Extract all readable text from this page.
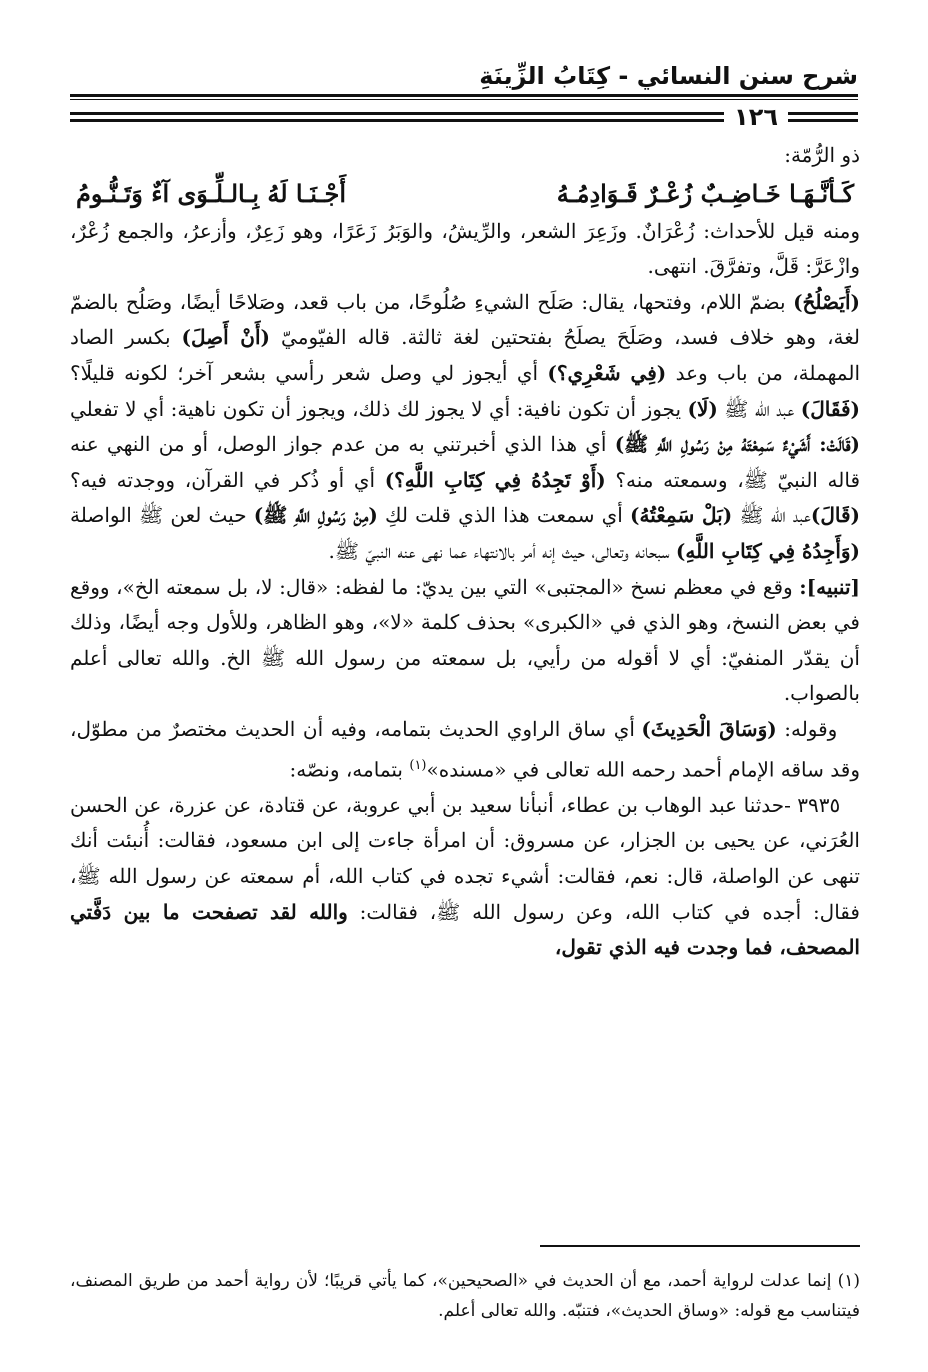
شرح سنن النسائي - كِتَابُ الزِّينَةِ
١٢٦

ذو الرُّمّة:

كَـأنَّـهَـا خَـاضِـبٌ زُعْـرٌ قَـوَادِمُـهُ
أَجْـنَـا لَهُ بِـالـلِّـوَى آءٌ وَتَـنُّـومُ

ومنه قيل للأحداث: زُعْرَانٌ. وزَعِرَ الشعر، والرِّيشُ، والوَبَرُ زَعَرًا، وهو زَعِرٌ، وأزعرُ، والجمع زُعْرٌ، وازْعَرَّ: قَلَّ، وتفرَّقَ. انتهى.

(أَيَصْلُحُ) بضمّ اللام، وفتحها، يقال: صَلَح الشيءِ صُلُوحًا، من باب قعد، وصَلاحًا أيضًا، وصَلُح بالضمّ لغة، وهو خلاف فسد، وصَلَحَ يصلَحُ بفتحتين لغة ثالثة. قاله الفيّوميّ (أَنْ أَصِلَ) بكسر الصاد المهملة، من باب وعد (فِي شَعْرِي؟) أي أيجوز لي وصل شعر رأسي بشعر آخر؛ لكونه قليلًا؟ (فَقَالَ) عبد الله ﷺ (لَا) يجوز أن تكون نافية: أي لا يجوز لك ذلك، ويجوز أن تكون ناهية: أي لا تفعلي (قَالَتْ: أَشَيْءٌ سَمِعْتَهُ مِنْ رَسُولِ اللَّهِ ﷺ) أي هذا الذي أخبرتني به من عدم جواز الوصل، أو من النهي عنه قاله النبيّ ﷺ، وسمعته منه؟ (أَوْ تَجِدُهُ فِي كِتَابِ اللَّهِ؟) أي أو ذُكر في القرآن، ووجدته فيه؟ (قَالَ)عبد الله ﷺ (بَلْ سَمِعْتُهُ) أي سمعت هذا الذي قلت لكِ (مِنْ رَسُولِ اللَّهِ ﷺ) حيث لعن ﷺ الواصلة (وَأَجِدُهُ فِي كِتَابِ اللَّهِ) سبحانه وتعالى، حيث إنه أمر بالانتهاء عما نهى عنه النبيّ ﷺ.

[تنبيه]: وقع في معظم نسخ «المجتبى» التي بين يديّ: ما لفظه: «قال: لا، بل سمعته الخ»، ووقع في بعض النسخ، وهو الذي في «الكبرى» بحذف كلمة «لا»، وهو الظاهر، وللأول وجه أيضًا، وذلك أن يقدّر المنفيّ: أي لا أقوله من رأيي، بل سمعته من رسول الله ﷺ الخ. والله تعالى أعلم بالصواب.

وقوله: (وَسَاقَ الْحَدِيثَ) أي ساق الراوي الحديث بتمامه، وفيه أن الحديث مختصرٌ من مطوّل، وقد ساقه الإمام أحمد رحمه الله تعالى في «مسنده»$^{(١)}$ بتمامه، ونصّه:

٣٩٣٥ -حدثنا عبد الوهاب بن عطاء، أنبأنا سعيد بن أبي عروبة، عن قتادة، عن عزرة، عن الحسن العُرَني، عن يحيى بن الجزار، عن مسروق: أن امرأة جاءت إلى ابن مسعود، فقالت: أُنبئت أنك تنهى عن الواصلة، قال: نعم، فقالت: أشيء تجده في كتاب الله، أم سمعته عن رسول الله ﷺ، فقال: أجده في كتاب الله، وعن رسول الله ﷺ، فقالت: والله لقد تصفحت ما بين دَفَّتي المصحف، فما وجدت فيه الذي تقول،

(١) إنما عدلت لرواية أحمد، مع أن الحديث في «الصحيحين»، كما يأتي قريبًا؛ لأن رواية أحمد من طريق المصنف، فيتناسب مع قوله: «وساق الحديث»، فتنبّه. والله تعالى أعلم.
